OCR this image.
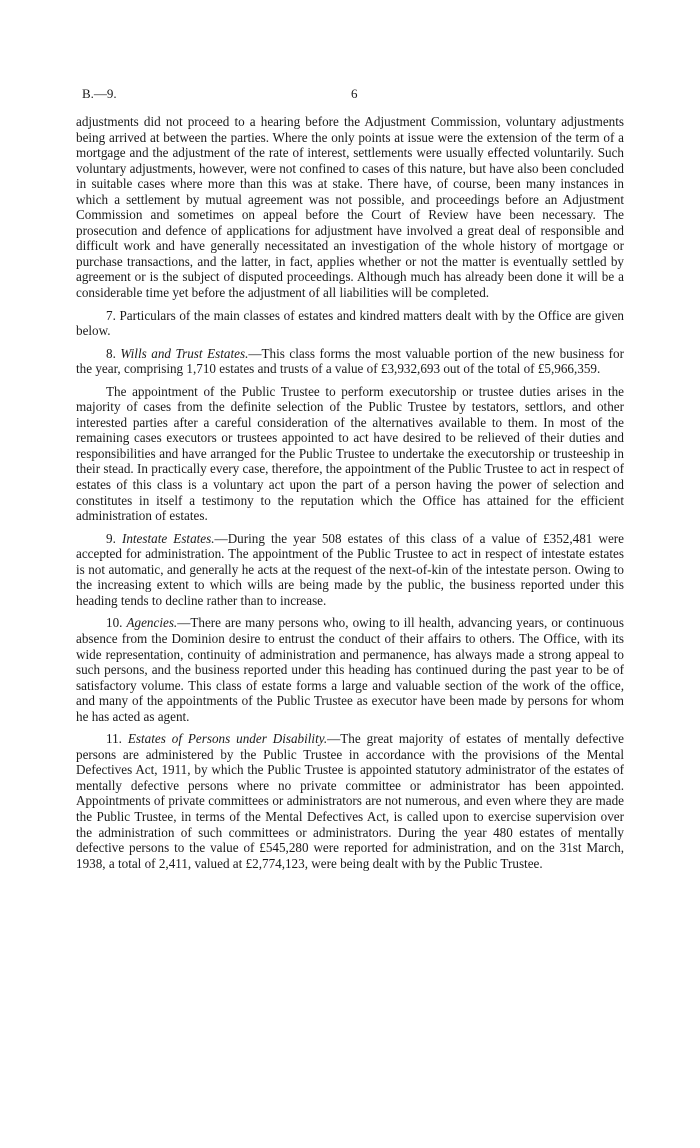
B.—9.	6

adjustments did not proceed to a hearing before the Adjustment Commission, voluntary adjustments being arrived at between the parties. Where the only points at issue were the extension of the term of a mortgage and the adjustment of the rate of interest, settlements were usually effected voluntarily. Such voluntary adjustments, however, were not confined to cases of this nature, but have also been concluded in suitable cases where more than this was at stake. There have, of course, been many instances in which a settlement by mutual agreement was not possible, and proceedings before an Adjustment Commission and sometimes on appeal before the Court of Review have been necessary. The prosecution and defence of applications for adjustment have involved a great deal of responsible and difficult work and have generally necessitated an investigation of the whole history of mortgage or purchase transactions, and the latter, in fact, applies whether or not the matter is eventually settled by agreement or is the subject of disputed proceedings. Although much has already been done it will be a considerable time yet before the adjustment of all liabilities will be completed.

7. Particulars of the main classes of estates and kindred matters dealt with by the Office are given below.

8. Wills and Trust Estates.—This class forms the most valuable portion of the new business for the year, comprising 1,710 estates and trusts of a value of £3,932,693 out of the total of £5,966,359.

The appointment of the Public Trustee to perform executorship or trustee duties arises in the majority of cases from the definite selection of the Public Trustee by testators, settlors, and other interested parties after a careful consideration of the alternatives available to them. In most of the remaining cases executors or trustees appointed to act have desired to be relieved of their duties and responsibilities and have arranged for the Public Trustee to undertake the executorship or trusteeship in their stead. In practically every case, therefore, the appointment of the Public Trustee to act in respect of estates of this class is a voluntary act upon the part of a person having the power of selection and constitutes in itself a testimony to the reputation which the Office has attained for the efficient administration of estates.

9. Intestate Estates.—During the year 508 estates of this class of a value of £352,481 were accepted for administration. The appointment of the Public Trustee to act in respect of intestate estates is not automatic, and generally he acts at the request of the next-of-kin of the intestate person. Owing to the increasing extent to which wills are being made by the public, the business reported under this heading tends to decline rather than to increase.

10. Agencies.—There are many persons who, owing to ill health, advancing years, or continuous absence from the Dominion desire to entrust the conduct of their affairs to others. The Office, with its wide representation, continuity of administration and permanence, has always made a strong appeal to such persons, and the business reported under this heading has continued during the past year to be of satisfactory volume. This class of estate forms a large and valuable section of the work of the office, and many of the appointments of the Public Trustee as executor have been made by persons for whom he has acted as agent.

11. Estates of Persons under Disability.—The great majority of estates of mentally defective persons are administered by the Public Trustee in accordance with the provisions of the Mental Defectives Act, 1911, by which the Public Trustee is appointed statutory administrator of the estates of mentally defective persons where no private committee or administrator has been appointed. Appointments of private committees or administrators are not numerous, and even where they are made the Public Trustee, in terms of the Mental Defectives Act, is called upon to exercise supervision over the administration of such committees or administrators. During the year 480 estates of mentally defective persons to the value of £545,280 were reported for administration, and on the 31st March, 1938, a total of 2,411, valued at £2,774,123, were being dealt with by the Public Trustee.
